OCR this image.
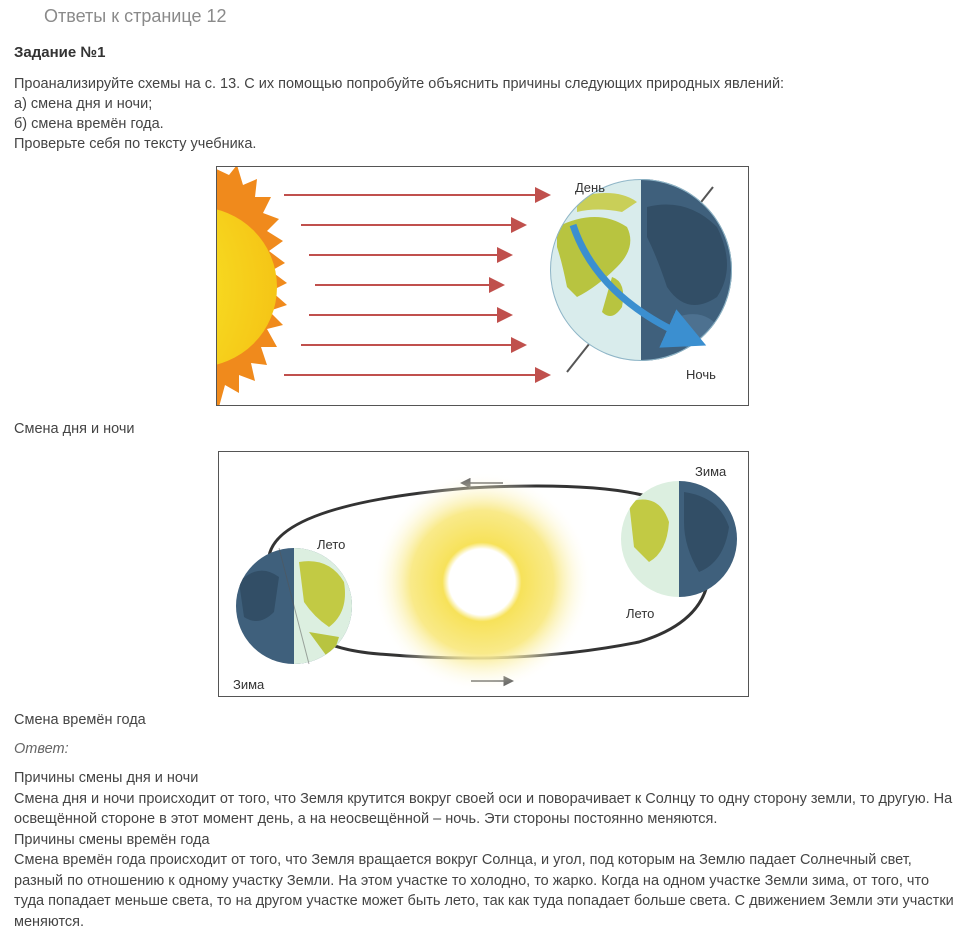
Ответы к странице 12
Задание №1
Проанализируйте схемы на с. 13. С их помощью попробуйте объяснить причины следующих природных явлений:
а) смена дня и ночи;
б) смена времён года.
Проверьте себя по тексту учебника.
День
Ночь
Смена дня и ночи
Лето
Зима
Зима
Лето
Смена времён года
Ответ:

Причины смены дня и ночи

Смена дня и ночи происходит от того, что Земля крутится вокруг своей оси и поворачивает к Солнцу то одну сторону земли, то другую. На освещённой стороне в этот момент день, а на неосвещённой – ночь. Эти стороны постоянно меняются.

Причины смены времён года

Смена времён года происходит от того, что Земля вращается вокруг Солнца, и угол, под которым на Землю падает Солнечный свет, разный по отношению к одному участку Земли. На этом участке то холодно, то жарко. Когда на одном участке Земли зима, от того, что туда попадает меньше света, то на другом участке может быть лето, так как туда попадает больше света. С движением Земли эти участки меняются.
